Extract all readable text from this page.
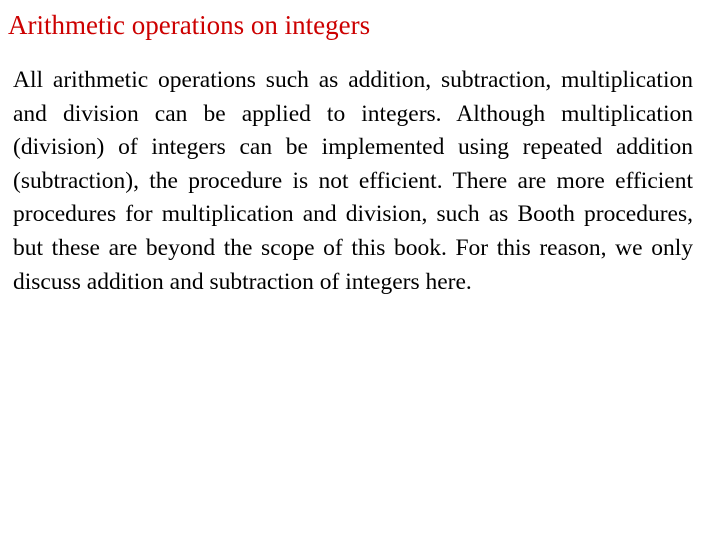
Arithmetic operations on integers

All arithmetic operations such as addition, subtraction, multiplication and division can be applied to integers. Although multiplication (division) of integers can be implemented using repeated addition (subtraction), the procedure is not efficient. There are more efficient procedures for multiplication and division, such as Booth procedures, but these are beyond the scope of this book. For this reason, we only discuss addition and subtraction of integers here.
